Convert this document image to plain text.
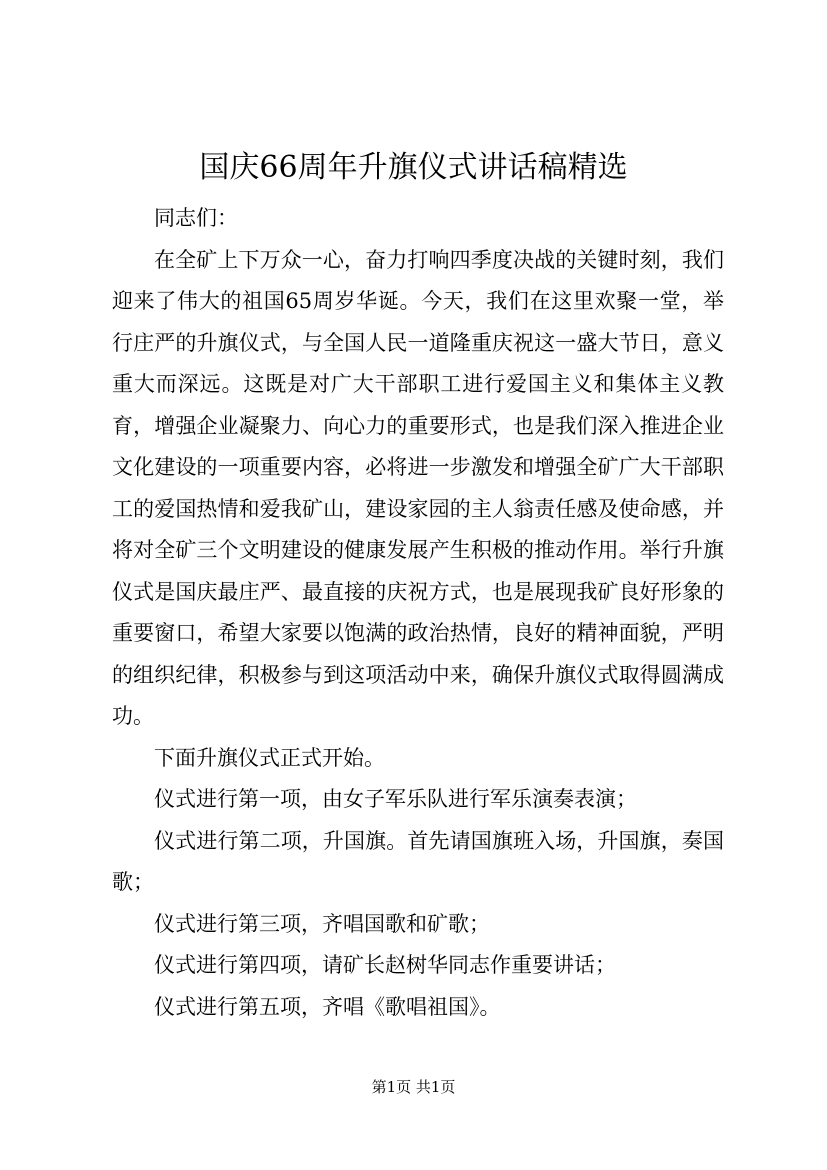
国庆66周年升旗仪式讲话稿精选

同志们：

在全矿上下万众一心，奋力打响四季度决战的关键时刻，我们迎来了伟大的祖国65周岁华诞。今天，我们在这里欢聚一堂，举行庄严的升旗仪式，与全国人民一道隆重庆祝这一盛大节日，意义重大而深远。这既是对广大干部职工进行爱国主义和集体主义教育，增强企业凝聚力、向心力的重要形式，也是我们深入推进企业文化建设的一项重要内容，必将进一步激发和增强全矿广大干部职工的爱国热情和爱我矿山，建设家园的主人翁责任感及使命感，并将对全矿三个文明建设的健康发展产生积极的推动作用。举行升旗仪式是国庆最庄严、最直接的庆祝方式，也是展现我矿良好形象的重要窗口，希望大家要以饱满的政治热情，良好的精神面貌，严明的组织纪律，积极参与到这项活动中来，确保升旗仪式取得圆满成功。

下面升旗仪式正式开始。

仪式进行第一项，由女子军乐队进行军乐演奏表演；

仪式进行第二项，升国旗。首先请国旗班入场，升国旗，奏国歌；

仪式进行第三项，齐唱国歌和矿歌；

仪式进行第四项，请矿长赵树华同志作重要讲话；

仪式进行第五项，齐唱《歌唱祖国》。

第1页 共1页
